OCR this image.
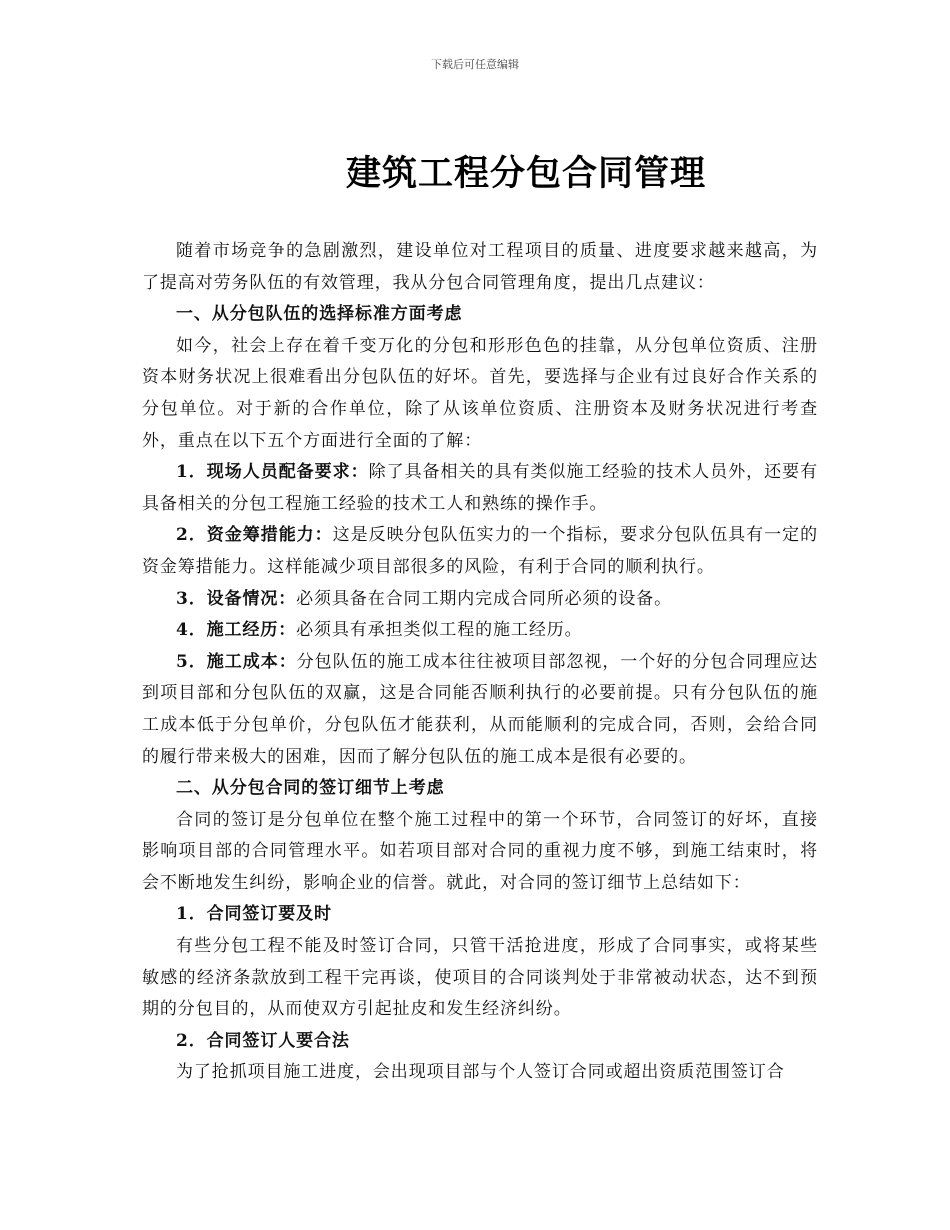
下载后可任意编辑
建筑工程分包合同管理

随着市场竞争的急剧激烈，建设单位对工程项目的质量、进度要求越来越高，为了提高对劳务队伍的有效管理，我从分包合同管理角度，提出几点建议：

一、从分包队伍的选择标准方面考虑

如今，社会上存在着千变万化的分包和形形色色的挂靠，从分包单位资质、注册资本财务状况上很难看出分包队伍的好坏。首先，要选择与企业有过良好合作关系的分包单位。对于新的合作单位，除了从该单位资质、注册资本及财务状况进行考查外，重点在以下五个方面进行全面的了解：

1．现场人员配备要求：除了具备相关的具有类似施工经验的技术人员外，还要有具备相关的分包工程施工经验的技术工人和熟练的操作手。

2．资金筹措能力：这是反映分包队伍实力的一个指标，要求分包队伍具有一定的资金筹措能力。这样能减少项目部很多的风险，有利于合同的顺利执行。

3．设备情况：必须具备在合同工期内完成合同所必须的设备。

4．施工经历：必须具有承担类似工程的施工经历。

5．施工成本：分包队伍的施工成本往往被项目部忽视，一个好的分包合同理应达到项目部和分包队伍的双赢，这是合同能否顺利执行的必要前提。只有分包队伍的施工成本低于分包单价，分包队伍才能获利，从而能顺利的完成合同，否则，会给合同的履行带来极大的困难，因而了解分包队伍的施工成本是很有必要的。

二、从分包合同的签订细节上考虑

合同的签订是分包单位在整个施工过程中的第一个环节，合同签订的好坏，直接影响项目部的合同管理水平。如若项目部对合同的重视力度不够，到施工结束时，将会不断地发生纠纷，影响企业的信誉。就此，对合同的签订细节上总结如下：

1．合同签订要及时

有些分包工程不能及时签订合同，只管干活抢进度，形成了合同事实，或将某些敏感的经济条款放到工程干完再谈，使项目的合同谈判处于非常被动状态，达不到预期的分包目的，从而使双方引起扯皮和发生经济纠纷。

2．合同签订人要合法

为了抢抓项目施工进度，会出现项目部与个人签订合同或超出资质范围签订合
